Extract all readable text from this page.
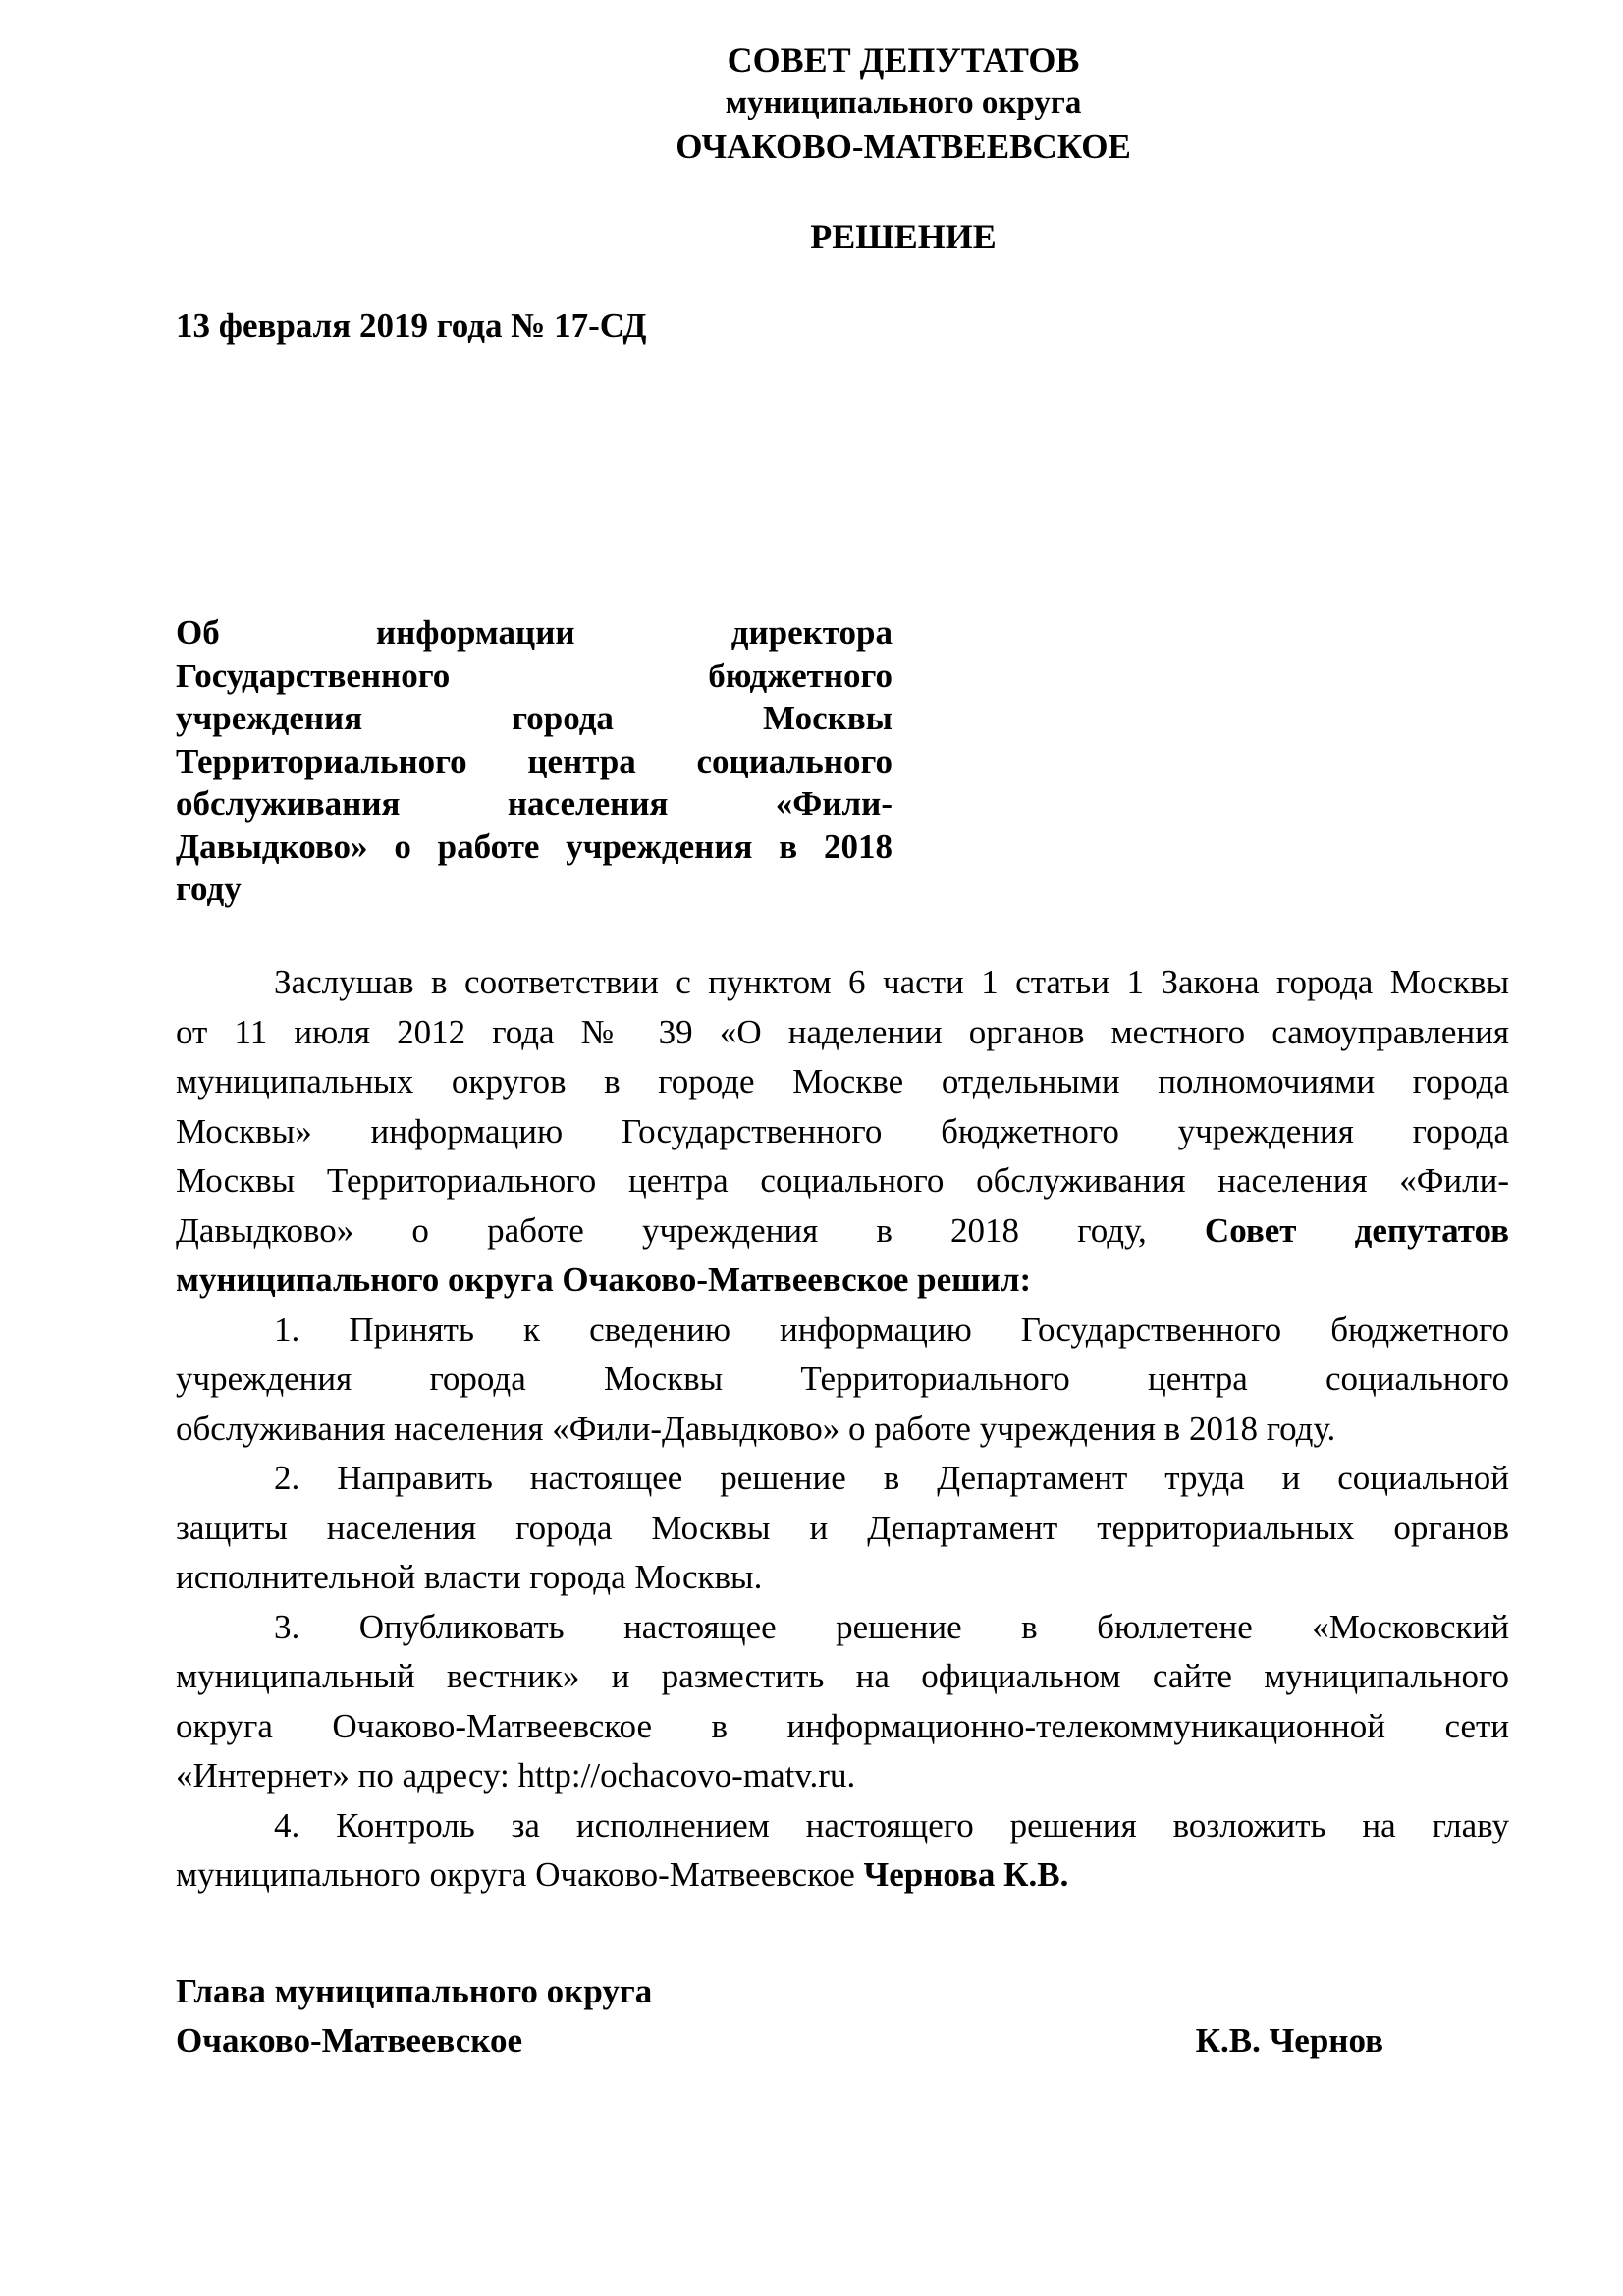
СОВЕТ ДЕПУТАТОВ
муниципального округа
ОЧАКОВО-МАТВЕЕВСКОЕ
РЕШЕНИЕ
13 февраля 2019 года № 17-СД
Об информации директора
Государственного бюджетного
учреждения города Москвы
Территориального центра социального
обслуживания населения «Фили-
Давыдково» о работе учреждения в 2018
году
Заслушав в соответствии с пунктом 6 части 1 статьи 1 Закона города Москвы
от 11 июля 2012 года № 39 «О наделении органов местного самоуправления
муниципальных округов в городе Москве отдельными полномочиями города
Москвы» информацию Государственного бюджетного учреждения города
Москвы Территориального центра социального обслуживания населения «Фили-
Давыдково» о работе учреждения в 2018 году, Совет депутатов
муниципального округа Очаково-Матвеевское решил:
1. Принять к сведению информацию Государственного бюджетного
учреждения города Москвы Территориального центра социального
обслуживания населения «Фили-Давыдково» о работе учреждения в 2018 году.
2. Направить настоящее решение в Департамент труда и социальной
защиты населения города Москвы и Департамент территориальных органов
исполнительной власти города Москвы.
3. Опубликовать настоящее решение в бюллетене «Московский
муниципальный вестник» и разместить на официальном сайте муниципального
округа Очаково-Матвеевское в информационно-телекоммуникационной сети
«Интернет» по адресу: http://ochacovo-matv.ru.
4. Контроль за исполнением настоящего решения возложить на главу
муниципального округа Очаково-Матвеевское Чернова К.В.
Глава муниципального округа
Очаково-Матвеевское	К.В. Чернов
